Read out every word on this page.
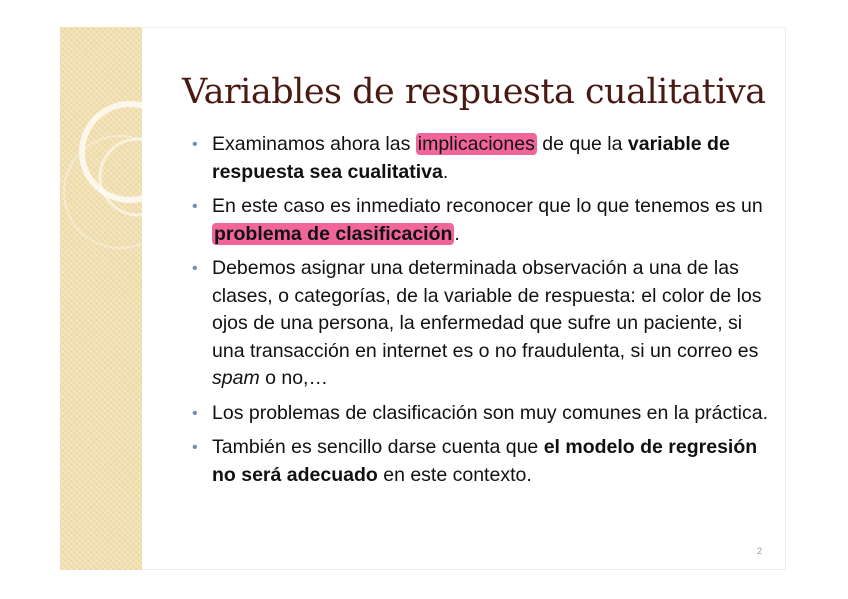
Variables de respuesta cualitativa
• Examinamos ahora las implicaciones de que la variable de respuesta sea cualitativa.
• En este caso es inmediato reconocer que lo que tenemos es un problema de clasificación .
• Debemos asignar una determinada observación a una de las clases, o categorías, de la variable de respuesta: el color de los ojos de una persona, la enfermedad que sufre un paciente, si una transacción en internet es o no fraudulenta, si un correo es spam o no,…
• Los problemas de clasificación son muy comunes en la práctica.
• También es sencillo darse cuenta que el modelo de regresión no será adecuado en este contexto.
2
